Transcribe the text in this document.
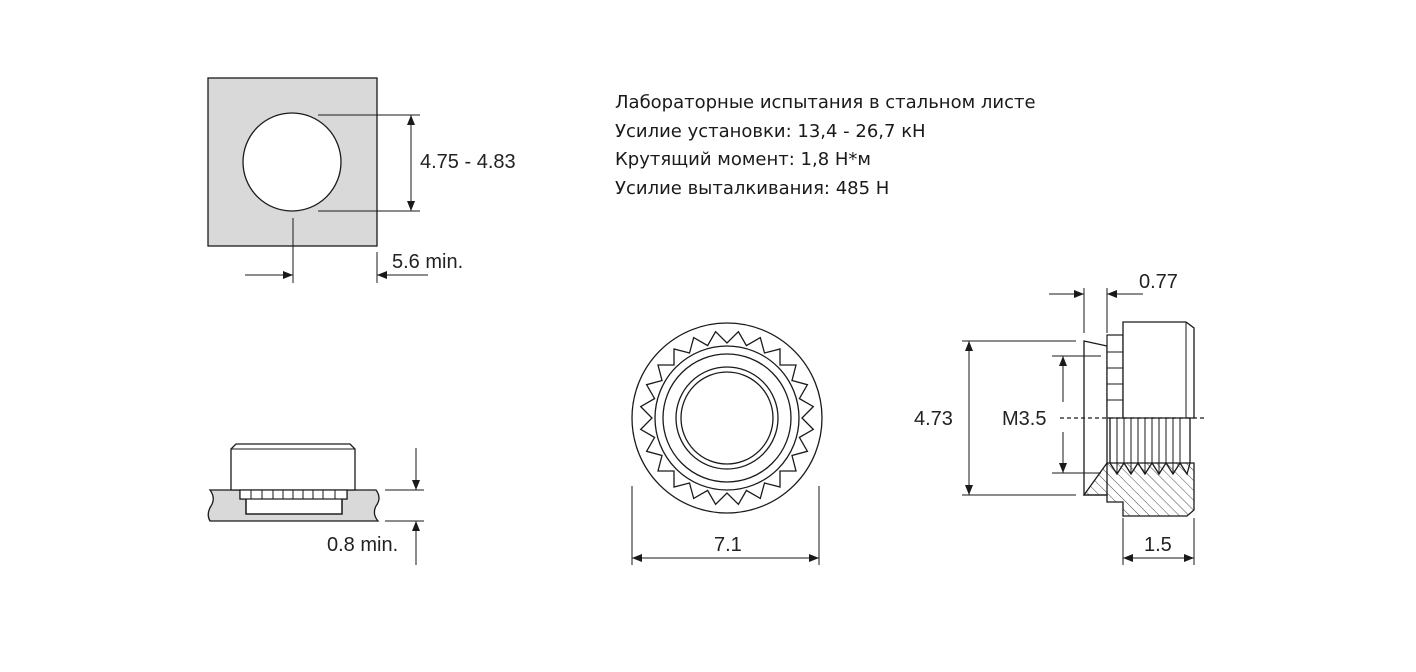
4.75 - 4.83
5.6 min.
0.8 min.	7.1
0.77
4.73 M3.5
1.5
Лабораторные испытания в стальном листе
Усилие установки: 13,4 - 26,7 кН
Крутящий момент: 1,8 Н*м
Усилие выталкивания: 485 Н
